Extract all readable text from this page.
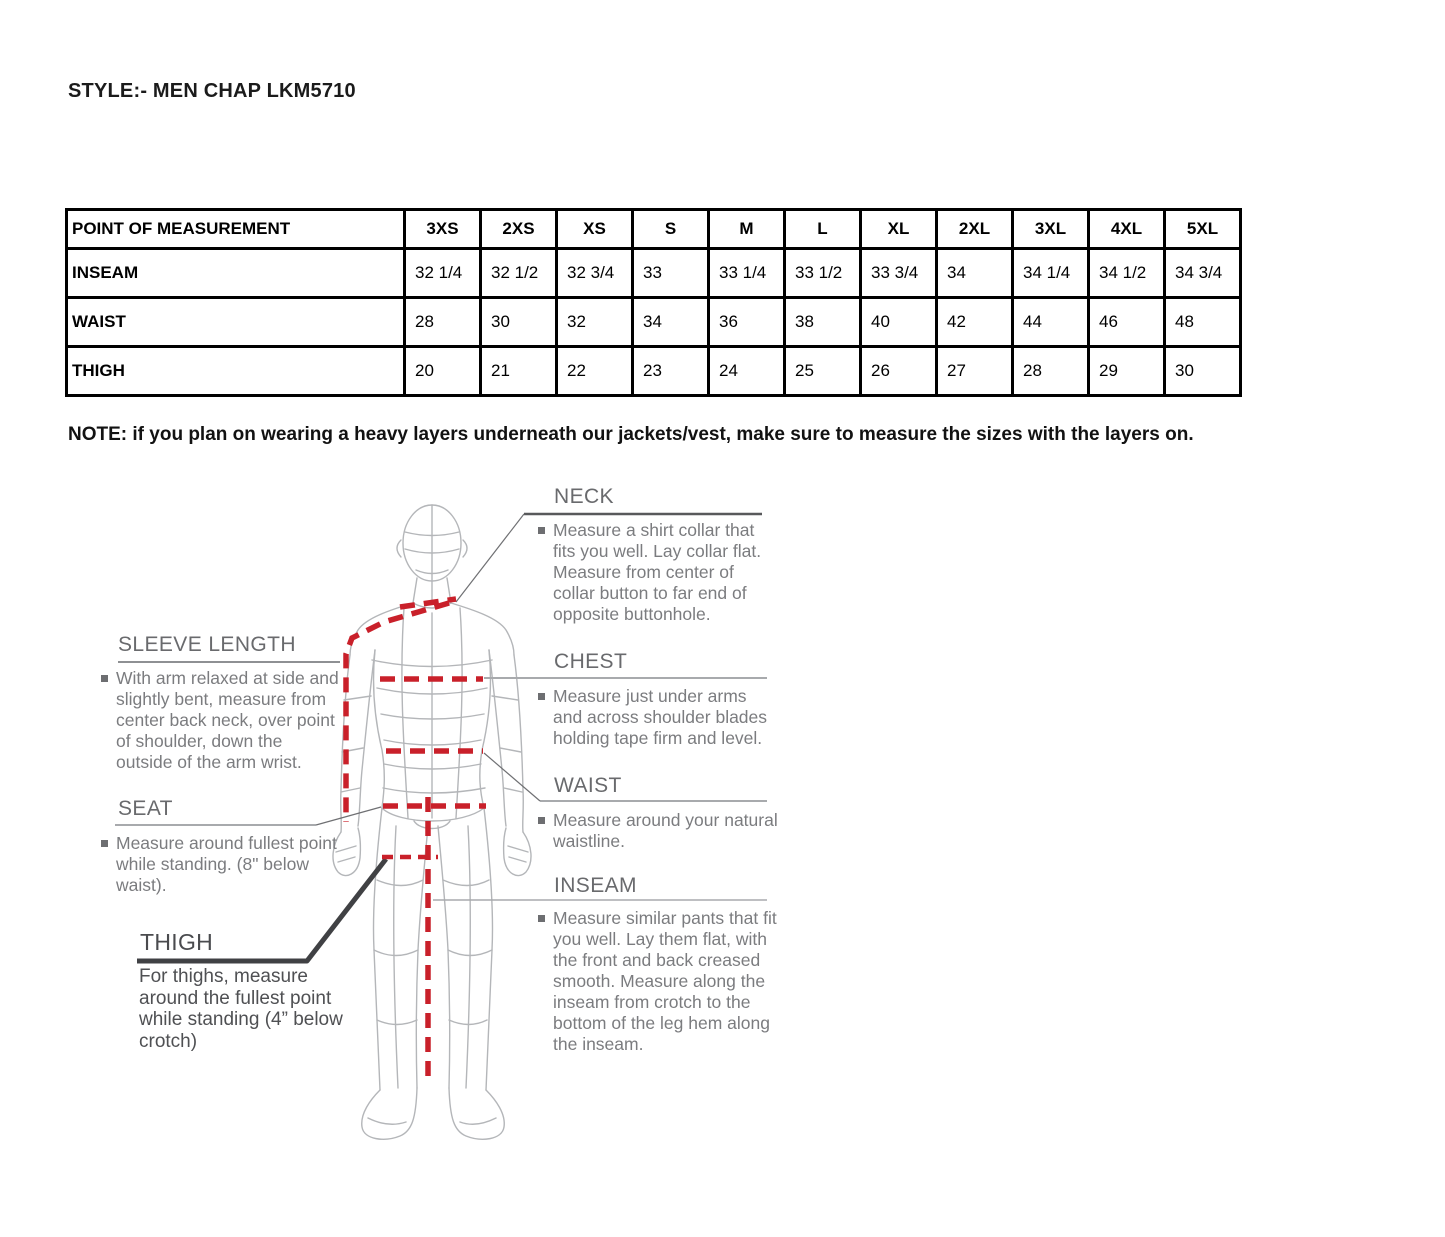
STYLE:- MEN CHAP LKM5710
POINT OF MEASUREMENT	3XS	2XS	XS	S	M	L	XL	2XL	3XL	4XL	5XL
INSEAM	32 1/4	32 1/2	32 3/4	33	33 1/4	33 1/2	33 3/4	34	34 1/4	34 1/2	34 3/4
WAIST	28	30	32	34	36	38	40	42	44	46	48
THIGH	20	21	22	23	24	25	26	27	28	29	30
NOTE: if you plan on wearing a heavy layers underneath our jackets/vest, make sure to measure the sizes with the layers on.
SLEEVE LENGTH
With arm relaxed at side and slightly bent, measure from center back neck, over point of shoulder, down the outside of the arm wrist.
SEAT
Measure around fullest point while standing. (8" below waist).
THIGH
For thighs, measure around the fullest point while standing (4” below crotch)
NECK
Measure a shirt collar that fits you well. Lay collar flat. Measure from center of collar button to far end of opposite buttonhole.
CHEST
Measure just under arms and across shoulder blades holding tape firm and level.
WAIST
Measure around your natural waistline.
INSEAM
Measure similar pants that fit you well. Lay them flat, with the front and back creased smooth. Measure along the inseam from crotch to the bottom of the leg hem along the inseam.
